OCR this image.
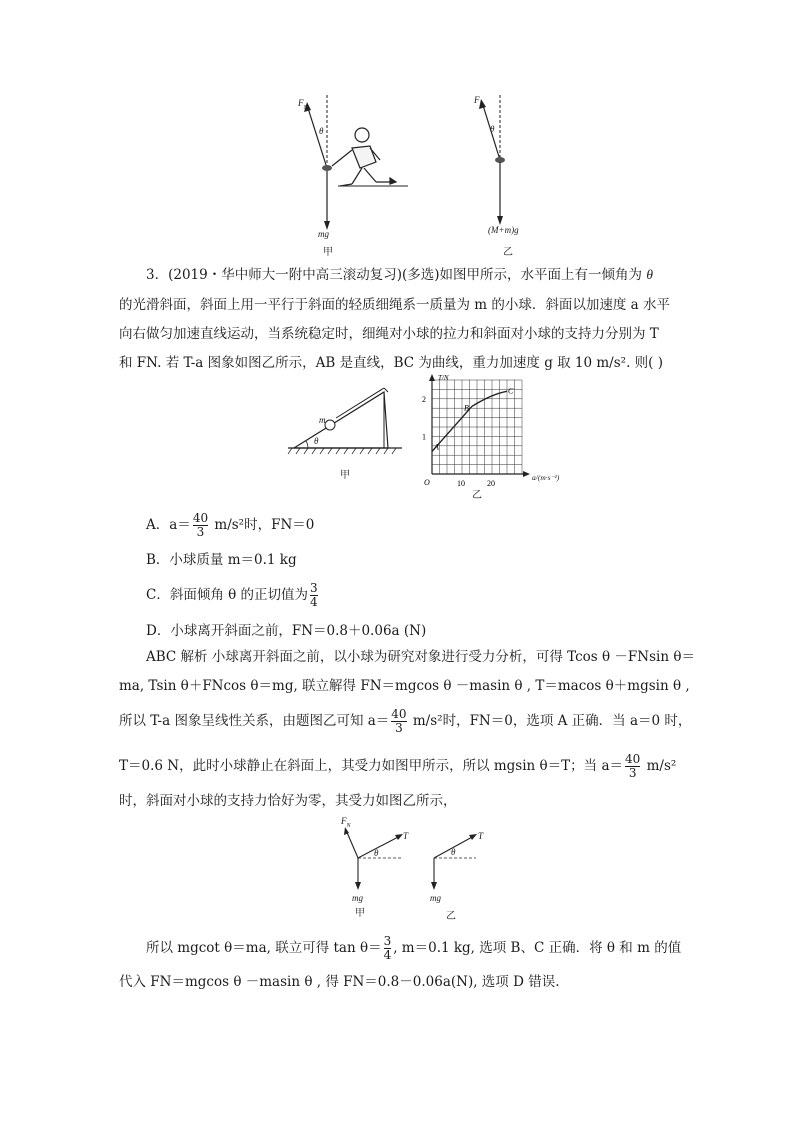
$F_N$
θ
mg
甲
F
θ
(M+m)g
乙
3．(2019・华中师大一附中高三滚动复习)(多选)如图甲所示，水平面上有一倾角为 θ
的光滑斜面，斜面上用一平行于斜面的轻质细绳系一质量为 m 的小球．斜面以加速度 a 水平
向右做匀加速直线运动，当系统稳定时，细绳对小球的拉力和斜面对小球的支持力分别为 T
和 FN. 若 T-a 图象如图乙所示，AB 是直线，BC 为曲线，重力加速度 g 取 10 m/s². 则( )
m
θ
甲
A
B
C
1
2
10	20
O
T/N
a/(m·s⁻²)
乙
A．$a= \frac{40}{3} m/s^2$时，FN＝0
B．小球质量 m＝0.1 kg
C．斜面倾角 θ 的正切值为 $\frac{3}{4}$
D．小球离开斜面之前，FN＝0.8＋0.06a (N)
ABC 解析 小球离开斜面之前，以小球为研究对象进行受力分析，可得 Tcos θ －FNsin θ＝
ma, Tsin θ＋FNcos θ＝mg, 联立解得 FN＝mgcos θ －masin θ , T＝macos θ＋mgsin θ ,
所以 T-a 图象呈线性关系，由题图乙可知 $a= \frac{40}{3} m/s^2$时，FN＝0，选项 A 正确．当 a＝0 时，
T＝0.6 N，此时小球静止在斜面上，其受力如图甲所示，所以 mgsin θ＝T；当 $a= \frac{40}{3} m/s^2$
时，斜面对小球的支持力恰好为零，其受力如图乙所示，
$F_N$
T
θ
mg
甲
T
θ
mg
乙
所以 mgcot θ＝ma, 联立可得 $\tan \theta= \frac{3}{4}$ , m＝0.1 kg, 选项 B、C 正确．将 θ 和 m 的值
代入 FN＝mgcos θ －masin θ , 得 FN＝0.8－0.06a(N), 选项 D 错误.
